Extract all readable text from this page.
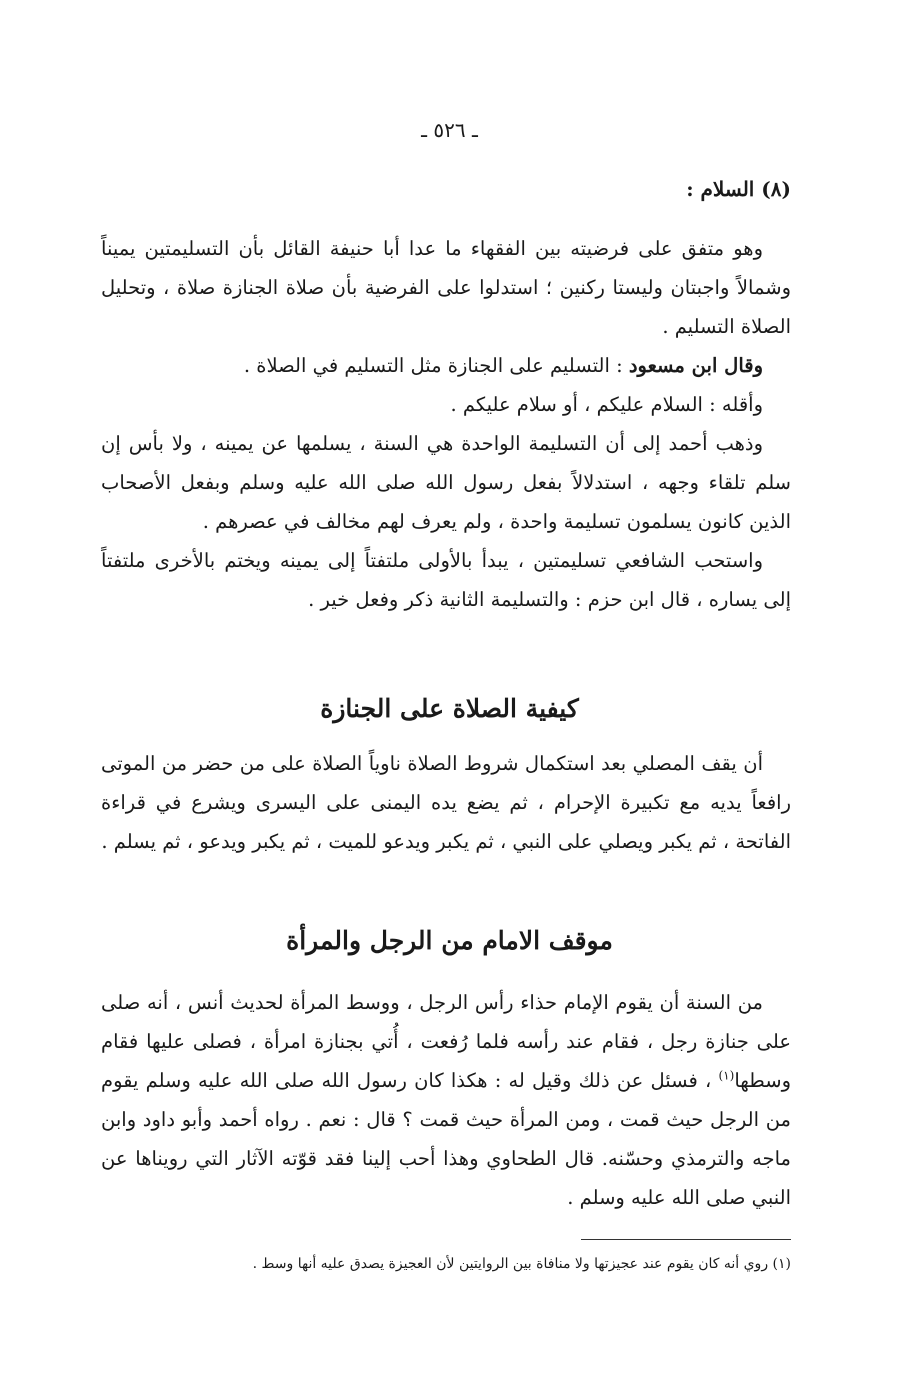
ـ ٥٢٦ ـ
(٨) السلام :

وهو متفق على فرضيته بين الفقهاء ما عدا أبا حنيفة القائل بأن التسليمتين يميناً وشمالاً واجبتان وليستا ركنين ؛ استدلوا على الفرضية بأن صلاة الجنازة صلاة ، وتحليل الصلاة التسليم .

وقال ابن مسعود : التسليم على الجنازة مثل التسليم في الصلاة .

وأقله : السلام عليكم ، أو سلام عليكم .

وذهب أحمد إلى أن التسليمة الواحدة هي السنة ، يسلمها عن يمينه ، ولا بأس إن سلم تلقاء وجهه ، استدلالاً بفعل رسول الله صلى الله عليه وسلم وبفعل الأصحاب الذين كانون يسلمون تسليمة واحدة ، ولم يعرف لهم مخالف في عصرهم .

واستحب الشافعي تسليمتين ، يبدأ بالأولى ملتفتاً إلى يمينه ويختم بالأخرى ملتفتاً إلى يساره ، قال ابن حزم : والتسليمة الثانية ذكر وفعل خير .

كيفية الصلاة على الجنازة

أن يقف المصلي بعد استكمال شروط الصلاة ناوياً الصلاة على من حضر من الموتى رافعاً يديه مع تكبيرة الإحرام ، ثم يضع يده اليمنى على اليسرى ويشرع في قراءة الفاتحة ، ثم يكبر ويصلي على النبي ، ثم يكبر ويدعو للميت ، ثم يكبر ويدعو ، ثم يسلم .

موقف الامام من الرجل والمرأة

من السنة أن يقوم الإمام حذاء رأس الرجل ، ووسط المرأة لحديث أنس ، أنه صلى على جنازة رجل ، فقام عند رأسه فلما رُفعت ، أُتي بجنازة امرأة ، فصلى عليها فقام وسطها$^{(١)}$ ، فسئل عن ذلك وقيل له : هكذا كان رسول الله صلى الله عليه وسلم يقوم من الرجل حيث قمت ، ومن المرأة حيث قمت ؟ قال : نعم . رواه أحمد وأبو داود وابن ماجه والترمذي وحسّنه. قال الطحاوي وهذا أحب إلينا فقد قوّته الآثار التي رويناها عن النبي صلى الله عليه وسلم .

(١) روي أنه كان يقوم عند عجيزتها ولا منافاة بين الروايتين لأن العجيزة يصدق عليه أنها وسط .
